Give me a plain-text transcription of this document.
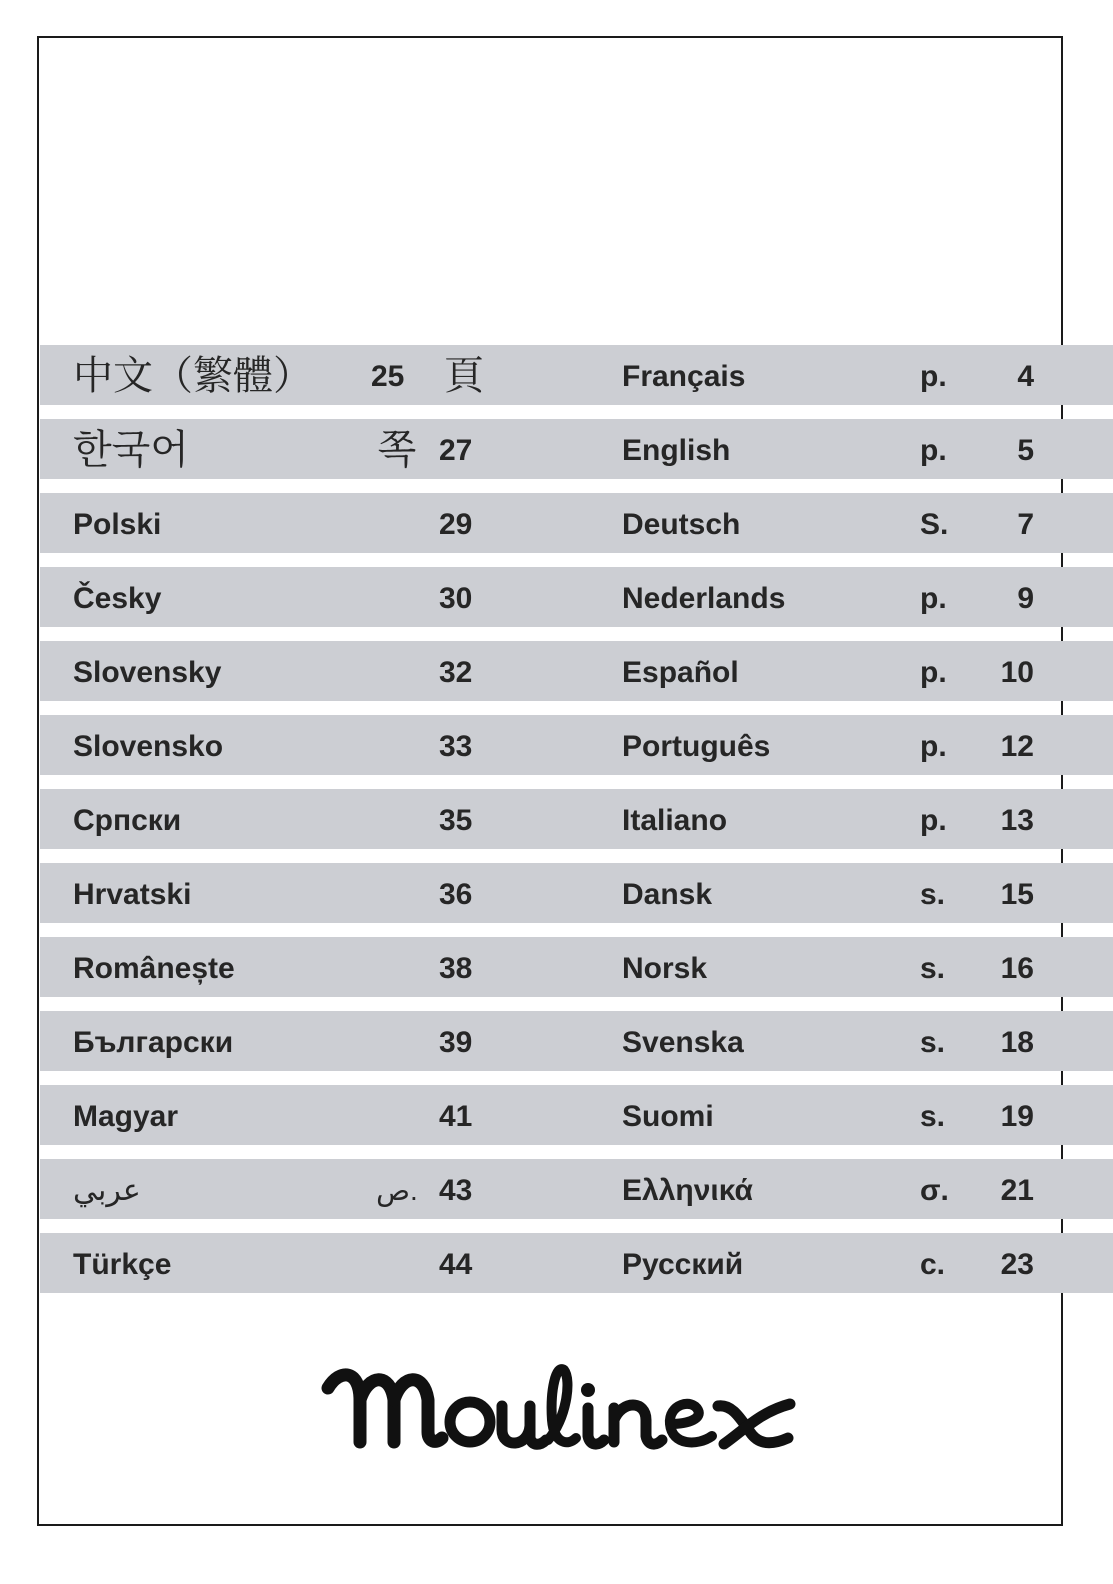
中文（繁體） 25 頁	Français	p.	4
한국어	쪽 27	English	p.	5
Polski	29	Deutsch	S.	7
Česky	30	Nederlands	p.	9
Slovensky	32	Español	p.	10
Slovensko	33	Português	p.	12
Српски	35	Italiano	p.	13
Hrvatski	36	Dansk	s.	15
Românește	38	Norsk	s.	16
Български	39	Svenska	s.	18
Magyar	41	Suomi	s.	19
عربي	ص. 43	Ελληνικά	σ.	21
Türkçe	44	Русский	c.	23
